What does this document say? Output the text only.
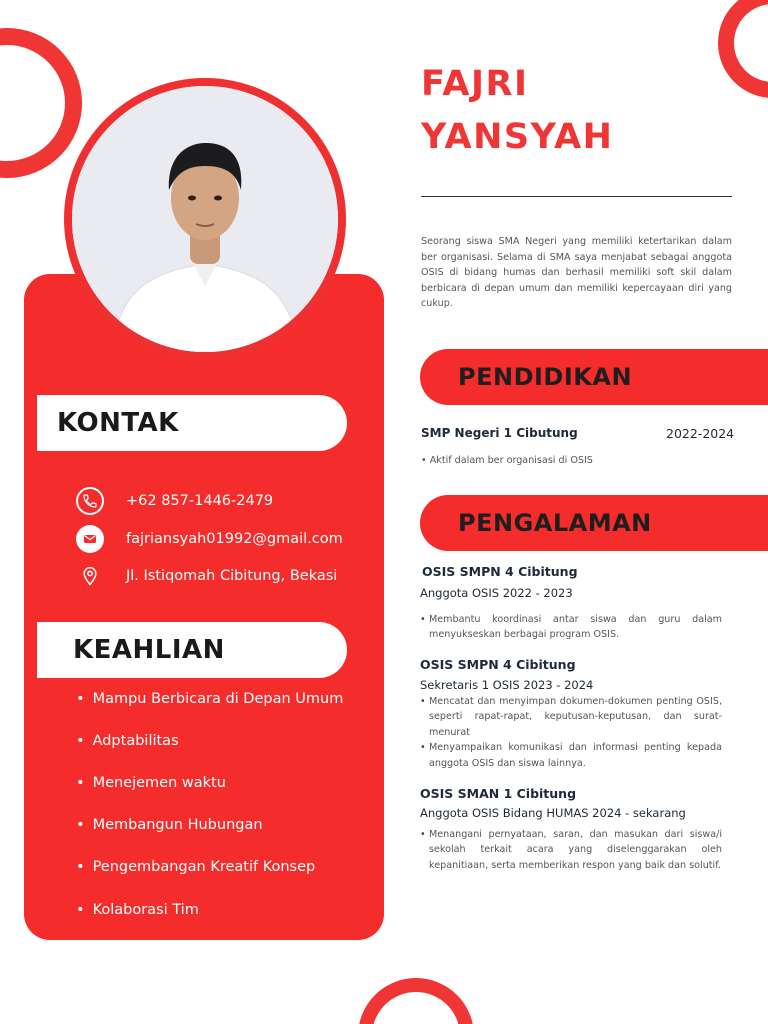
FAJRI
YANSYAH
Seorang siswa SMA Negeri yang memiliki ketertarikan dalam ber organisasi. Selama di SMA saya menjabat sebagai anggota OSIS di bidang humas dan berhasil memiliki soft skil dalam berbicara di depan umum dan memiliki kepercayaan diri yang cukup.
KONTAK
+62 857-1446-2479
fajriansyah01992@gmail.com
Jl. Istiqomah Cibitung, Bekasi
KEAHLIAN
• Mampu Berbicara di Depan Umum
• Adptabilitas
• Menejemen waktu
• Membangun Hubungan
• Pengembangan Kreatif Konsep
• Kolaborasi Tim
PENDIDIKAN
SMP Negeri 1 Cibutung	2022-2024
• Aktif dalam ber organisasi di OSIS
PENGALAMAN
OSIS SMPN 4 Cibitung
Anggota OSIS 2022 - 2023
• Membantu koordinasi antar siswa dan guru dalam menyukseskan berbagai program OSIS.
OSIS SMPN 4 Cibitung
Sekretaris 1 OSIS 2023 - 2024
• Mencatat dan menyimpan dokumen-dokumen penting OSIS, seperti rapat-rapat, keputusan-keputusan, dan surat- menurat
• Menyampaikan komunikasi dan informasi penting kepada anggota OSIS dan siswa lainnya.
OSIS SMAN 1 Cibitung
Anggota OSIS Bidang HUMAS 2024 - sekarang
• Menangani pernyataan, saran, dan masukan dari siswa/i sekolah terkait acara yang diselenggarakan oleh kepanitiaan, serta memberikan respon yang baik dan solutif.
